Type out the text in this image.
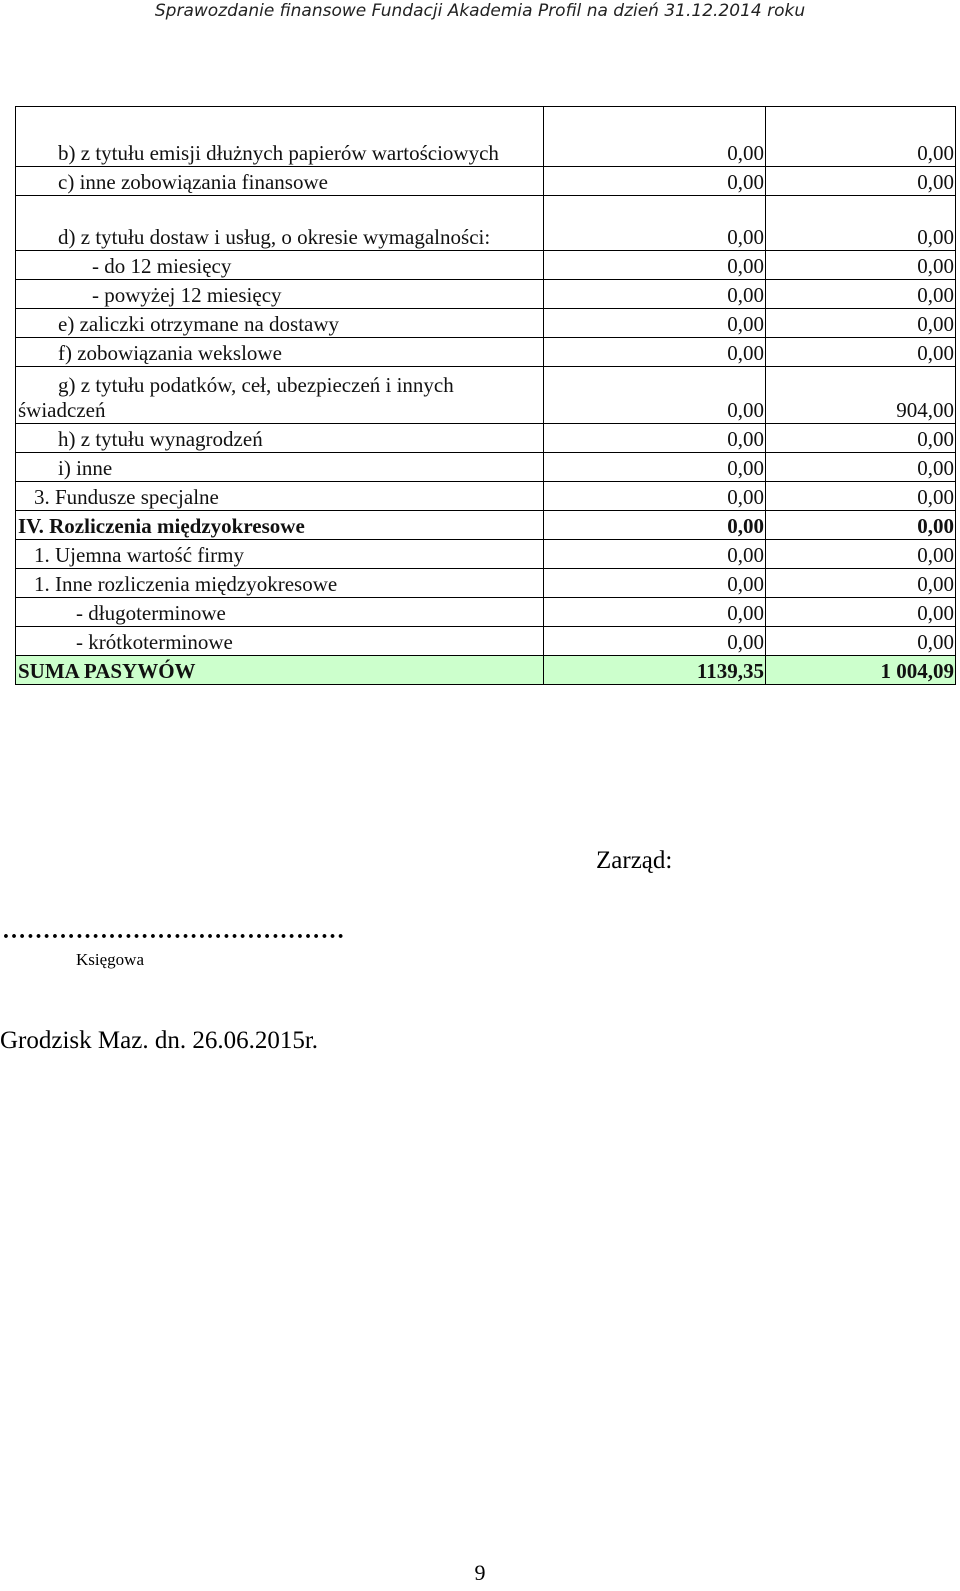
Sprawozdanie finansowe Fundacji Akademia Profil na dzień 31.12.2014 roku
b) z tytułu emisji dłużnych papierów wartościowych	0,00	0,00
c) inne zobowiązania finansowe	0,00	0,00
d) z tytułu dostaw i usług, o okresie wymagalności:	0,00	0,00
- do 12 miesięcy	0,00	0,00
- powyżej 12 miesięcy	0,00	0,00
e) zaliczki otrzymane na dostawy	0,00	0,00
f) zobowiązania wekslowe	0,00	0,00
g) z tytułu podatków, ceł, ubezpieczeń i innych świadczeń	0,00	904,00
h) z tytułu wynagrodzeń	0,00	0,00
i) inne	0,00	0,00
3. Fundusze specjalne	0,00	0,00
IV. Rozliczenia międzyokresowe	0,00	0,00
1. Ujemna wartość firmy	0,00	0,00
1. Inne rozliczenia międzyokresowe	0,00	0,00
- długoterminowe	0,00	0,00
- krótkoterminowe	0,00	0,00
SUMA PASYWÓW	1139,35	1 004,09
Zarząd:
……………………………………
Księgowa
Grodzisk Maz. dn. 26.06.2015r.
9
